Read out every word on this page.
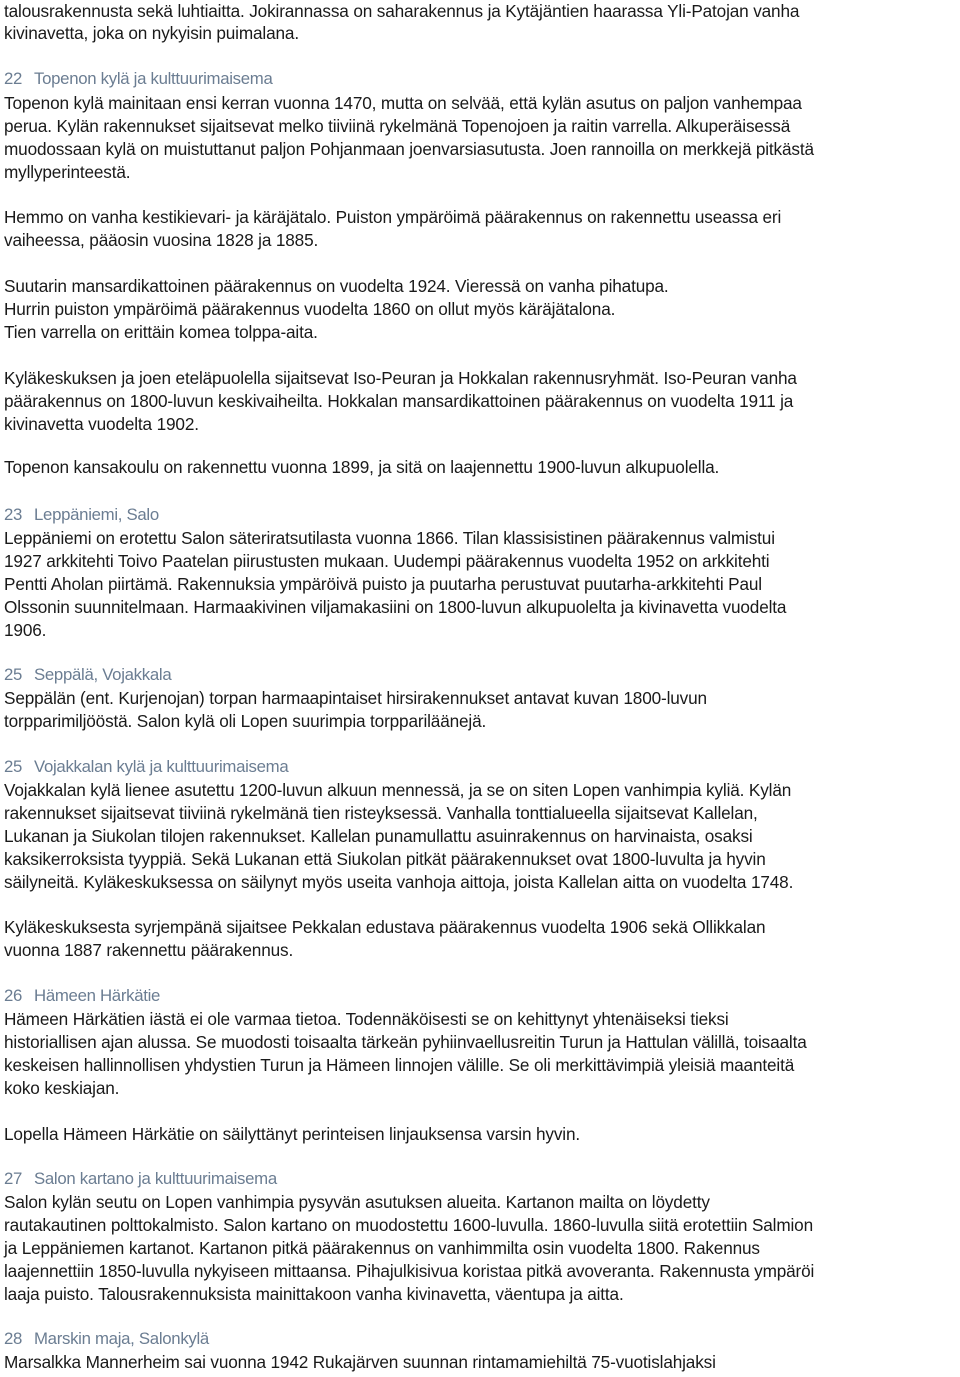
talousrakennusta sekä luhtiaitta. Jokirannassa on saharakennus ja Kytäjäntien haarassa Yli-Patojan vanha
kivinavetta, joka on nykyisin puimalana.
22 Topenon kylä ja kulttuurimaisema
Topenon kylä mainitaan ensi kerran vuonna 1470, mutta on selvää, että kylän asutus on paljon vanhempaa
perua. Kylän rakennukset sijaitsevat melko tiiviinä rykelmänä Topenojoen ja raitin varrella. Alkuperäisessä
muodossaan kylä on muistuttanut paljon Pohjanmaan joenvarsiasutusta. Joen rannoilla on merkkejä pitkästä
myllyperinteestä.
Hemmo on vanha kestikievari- ja käräjätalo. Puiston ympäröimä päärakennus on rakennettu useassa eri
vaiheessa, pääosin vuosina 1828 ja 1885.
Suutarin mansardikattoinen päärakennus on vuodelta 1924. Vieressä on vanha pihatupa.
Hurrin puiston ympäröimä päärakennus vuodelta 1860 on ollut myös käräjätalona.
Tien varrella on erittäin komea tolppa-aita.
Kyläkeskuksen ja joen eteläpuolella sijaitsevat Iso-Peuran ja Hokkalan rakennusryhmät. Iso-Peuran vanha
päärakennus on 1800-luvun keskivaiheilta. Hokkalan mansardikattoinen päärakennus on vuodelta 1911 ja
kivinavetta vuodelta 1902.
Topenon kansakoulu on rakennettu vuonna 1899, ja sitä on laajennettu 1900-luvun alkupuolella.
23 Leppäniemi, Salo
Leppäniemi on erotettu Salon säteriratsutilasta vuonna 1866. Tilan klassisistinen päärakennus valmistui
1927 arkkitehti Toivo Paatelan piirustusten mukaan. Uudempi päärakennus vuodelta 1952 on arkkitehti
Pentti Aholan piirtämä. Rakennuksia ympäröivä puisto ja puutarha perustuvat puutarha-arkkitehti Paul
Olssonin suunnitelmaan. Harmaakivinen viljamakasiini on 1800-luvun alkupuolelta ja kivinavetta vuodelta
1906.
25 Seppälä, Vojakkala
Seppälän (ent. Kurjenojan) torpan harmaapintaiset hirsirakennukset antavat kuvan 1800-luvun
torpparimiljööstä. Salon kylä oli Lopen suurimpia torppariläänejä.
25 Vojakkalan kylä ja kulttuurimaisema
Vojakkalan kylä lienee asutettu 1200-luvun alkuun mennessä, ja se on siten Lopen vanhimpia kyliä. Kylän
rakennukset sijaitsevat tiiviinä rykelmänä tien risteyksessä. Vanhalla tonttialueella sijaitsevat Kallelan,
Lukanan ja Siukolan tilojen rakennukset. Kallelan punamullattu asuinrakennus on harvinaista, osaksi
kaksikerroksista tyyppiä. Sekä Lukanan että Siukolan pitkät päärakennukset ovat 1800-luvulta ja hyvin
säilyneitä. Kyläkeskuksessa on säilynyt myös useita vanhoja aittoja, joista Kallelan aitta on vuodelta 1748.
Kyläkeskuksesta syrjempänä sijaitsee Pekkalan edustava päärakennus vuodelta 1906 sekä Ollikkalan
vuonna 1887 rakennettu päärakennus.
26 Hämeen Härkätie
Hämeen Härkätien iästä ei ole varmaa tietoa. Todennäköisesti se on kehittynyt yhtenäiseksi tieksi
historiallisen ajan alussa. Se muodosti toisaalta tärkeän pyhiinvaellusreitin Turun ja Hattulan välillä, toisaalta
keskeisen hallinnollisen yhdystien Turun ja Hämeen linnojen välille. Se oli merkittävimpiä yleisiä maanteitä
koko keskiajan.
Lopella Hämeen Härkätie on säilyttänyt perinteisen linjauksensa varsin hyvin.
27 Salon kartano ja kulttuurimaisema
Salon kylän seutu on Lopen vanhimpia pysyvän asutuksen alueita. Kartanon mailta on löydetty
rautakautinen polttokalmisto. Salon kartano on muodostettu 1600-luvulla. 1860-luvulla siitä erotettiin Salmion
ja Leppäniemen kartanot. Kartanon pitkä päärakennus on vanhimmilta osin vuodelta 1800. Rakennus
laajennettiin 1850-luvulla nykyiseen mittaansa. Pihajulkisivua koristaa pitkä avoveranta. Rakennusta ympäröi
laaja puisto. Talousrakennuksista mainittakoon vanha kivinavetta, väentupa ja aitta.
28 Marskin maja, Salonkylä
Marsalkka Mannerheim sai vuonna 1942 Rukajärven suunnan rintamamiehiltä 75-vuotislahjaksi
